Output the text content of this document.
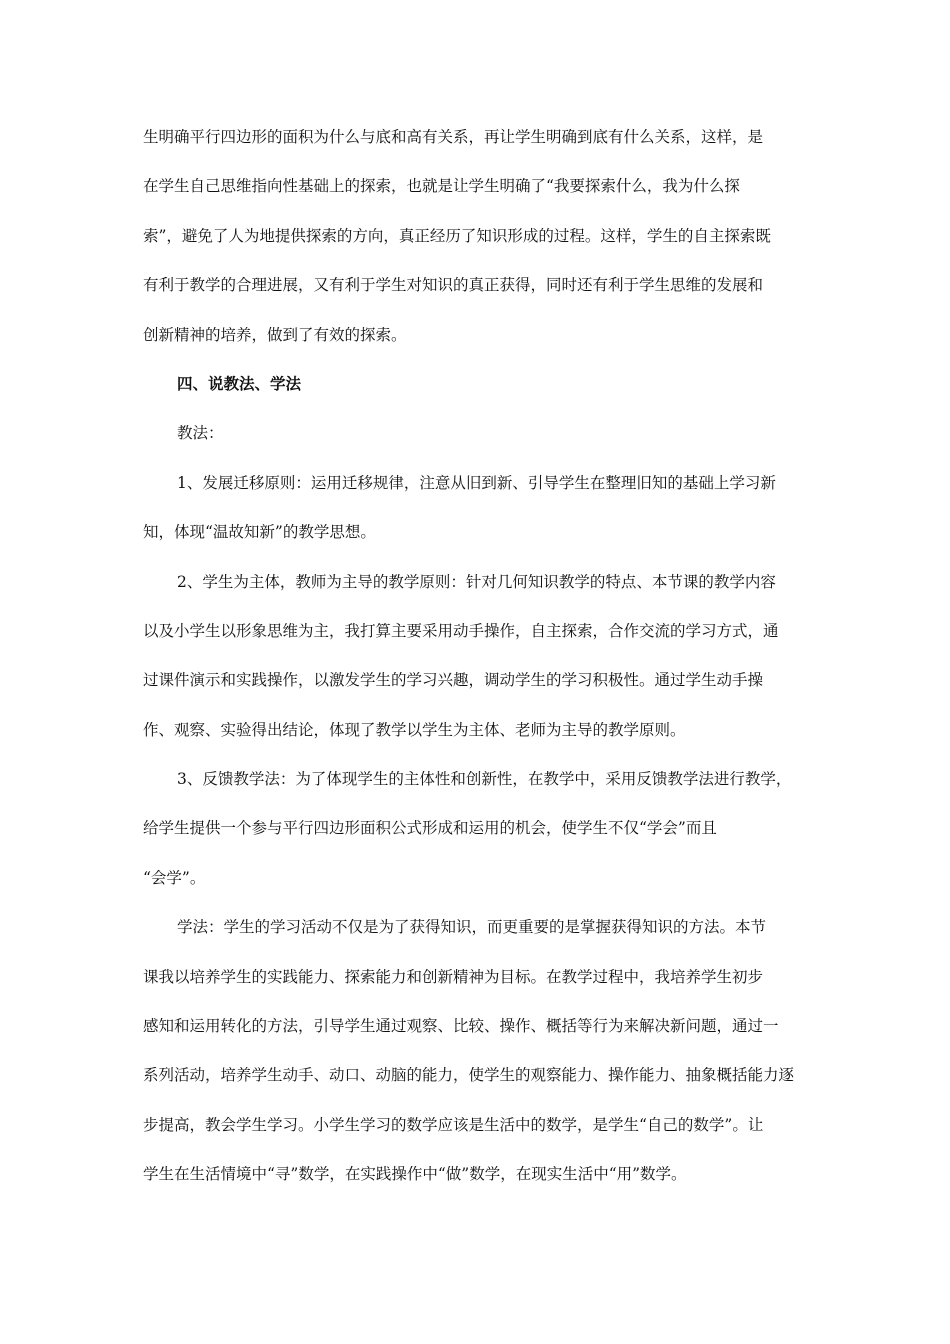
生明确平行四边形的面积为什么与底和高有关系，再让学生明确到底有什么关系，这样，是
在学生自己思维指向性基础上的探索，也就是让学生明确了“我要探索什么，我为什么探
索”，避免了人为地提供探索的方向，真正经历了知识形成的过程。这样，学生的自主探索既
有利于教学的合理进展，又有利于学生对知识的真正获得，同时还有利于学生思维的发展和
创新精神的培养，做到了有效的探索。
四、说教法、学法
教法：
1、发展迁移原则：运用迁移规律，注意从旧到新、引导学生在整理旧知的基础上学习新
知，体现“温故知新”的教学思想。
2、学生为主体，教师为主导的教学原则：针对几何知识教学的特点、本节课的教学内容
以及小学生以形象思维为主，我打算主要采用动手操作，自主探索，合作交流的学习方式，通
过课件演示和实践操作，以激发学生的学习兴趣，调动学生的学习积极性。通过学生动手操
作、观察、实验得出结论，体现了教学以学生为主体、老师为主导的教学原则。
3、反馈教学法：为了体现学生的主体性和创新性，在教学中，采用反馈教学法进行教学，
给学生提供一个参与平行四边形面积公式形成和运用的机会，使学生不仅“学会”而且
“会学”。
学法：学生的学习活动不仅是为了获得知识，而更重要的是掌握获得知识的方法。本节
课我以培养学生的实践能力、探索能力和创新精神为目标。在教学过程中，我培养学生初步
感知和运用转化的方法，引导学生通过观察、比较、操作、概括等行为来解决新问题，通过一
系列活动，培养学生动手、动口、动脑的能力，使学生的观察能力、操作能力、抽象概括能力逐
步提高，教会学生学习。小学生学习的数学应该是生活中的数学，是学生“自己的数学”。让
学生在生活情境中“寻”数学，在实践操作中“做”数学，在现实生活中“用”数学。
